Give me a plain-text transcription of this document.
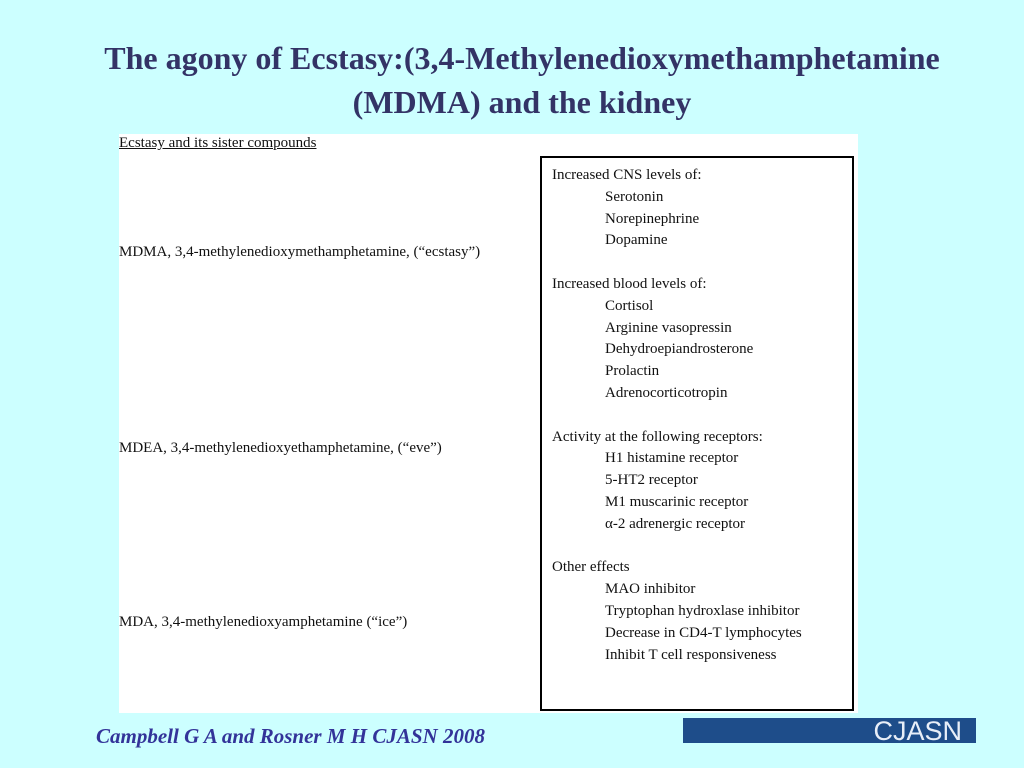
The agony of Ecstasy:(3,4-Methylenedioxymethamphetamine
(MDMA) and the kidney
Ecstasy and its sister compounds
MDMA, 3,4-methylenedioxymethamphetamine, (“ecstasy”)
MDEA, 3,4-methylenedioxyethamphetamine, (“eve”)
MDA, 3,4-methylenedioxyamphetamine (“ice”)
Increased CNS levels of:
Serotonin
Norepinephrine
Dopamine
Increased blood levels of:
Cortisol
Arginine vasopressin
Dehydroepiandrosterone
Prolactin
Adrenocorticotropin
Activity at the following receptors:
H1 histamine receptor
5-HT2 receptor
M1 muscarinic receptor
α-2 adrenergic receptor
Other effects
MAO inhibitor
Tryptophan hydroxlase inhibitor
Decrease in CD4-T lymphocytes
Inhibit T cell responsiveness
Campbell G A and Rosner M H CJASN 2008	CJASN
